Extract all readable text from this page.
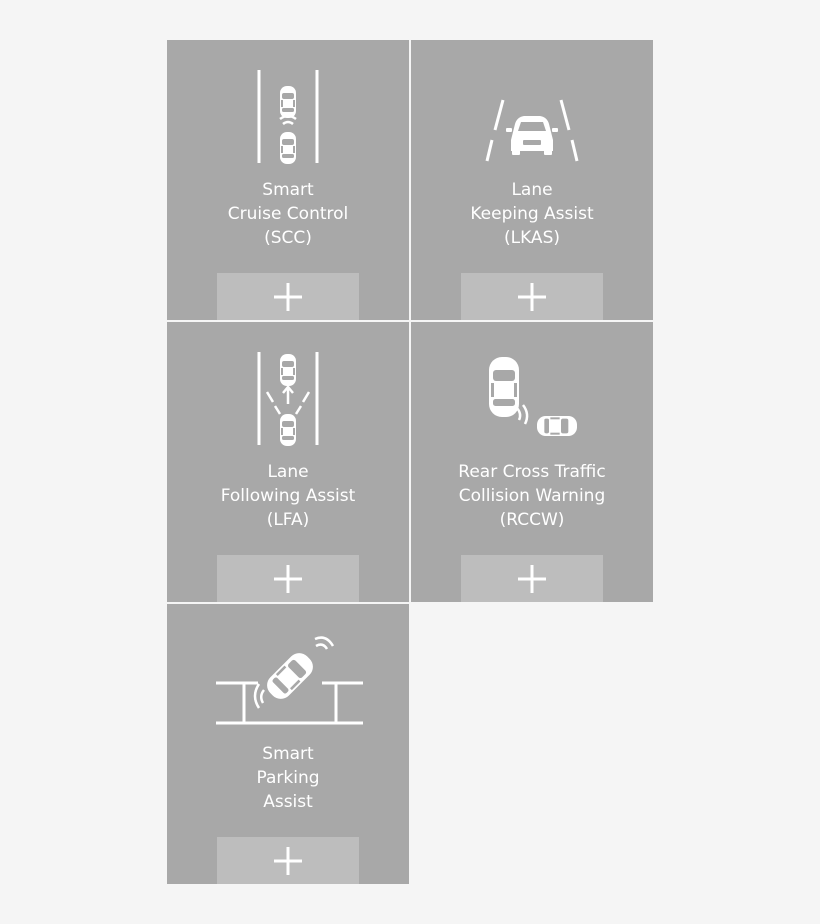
Smart
Cruise Control
(SCC)
Lane
Keeping Assist
(LKAS)
Lane
Following Assist
(LFA)
Rear Cross Traffic
Collision Warning
(RCCW)
Smart
Parking
Assist
